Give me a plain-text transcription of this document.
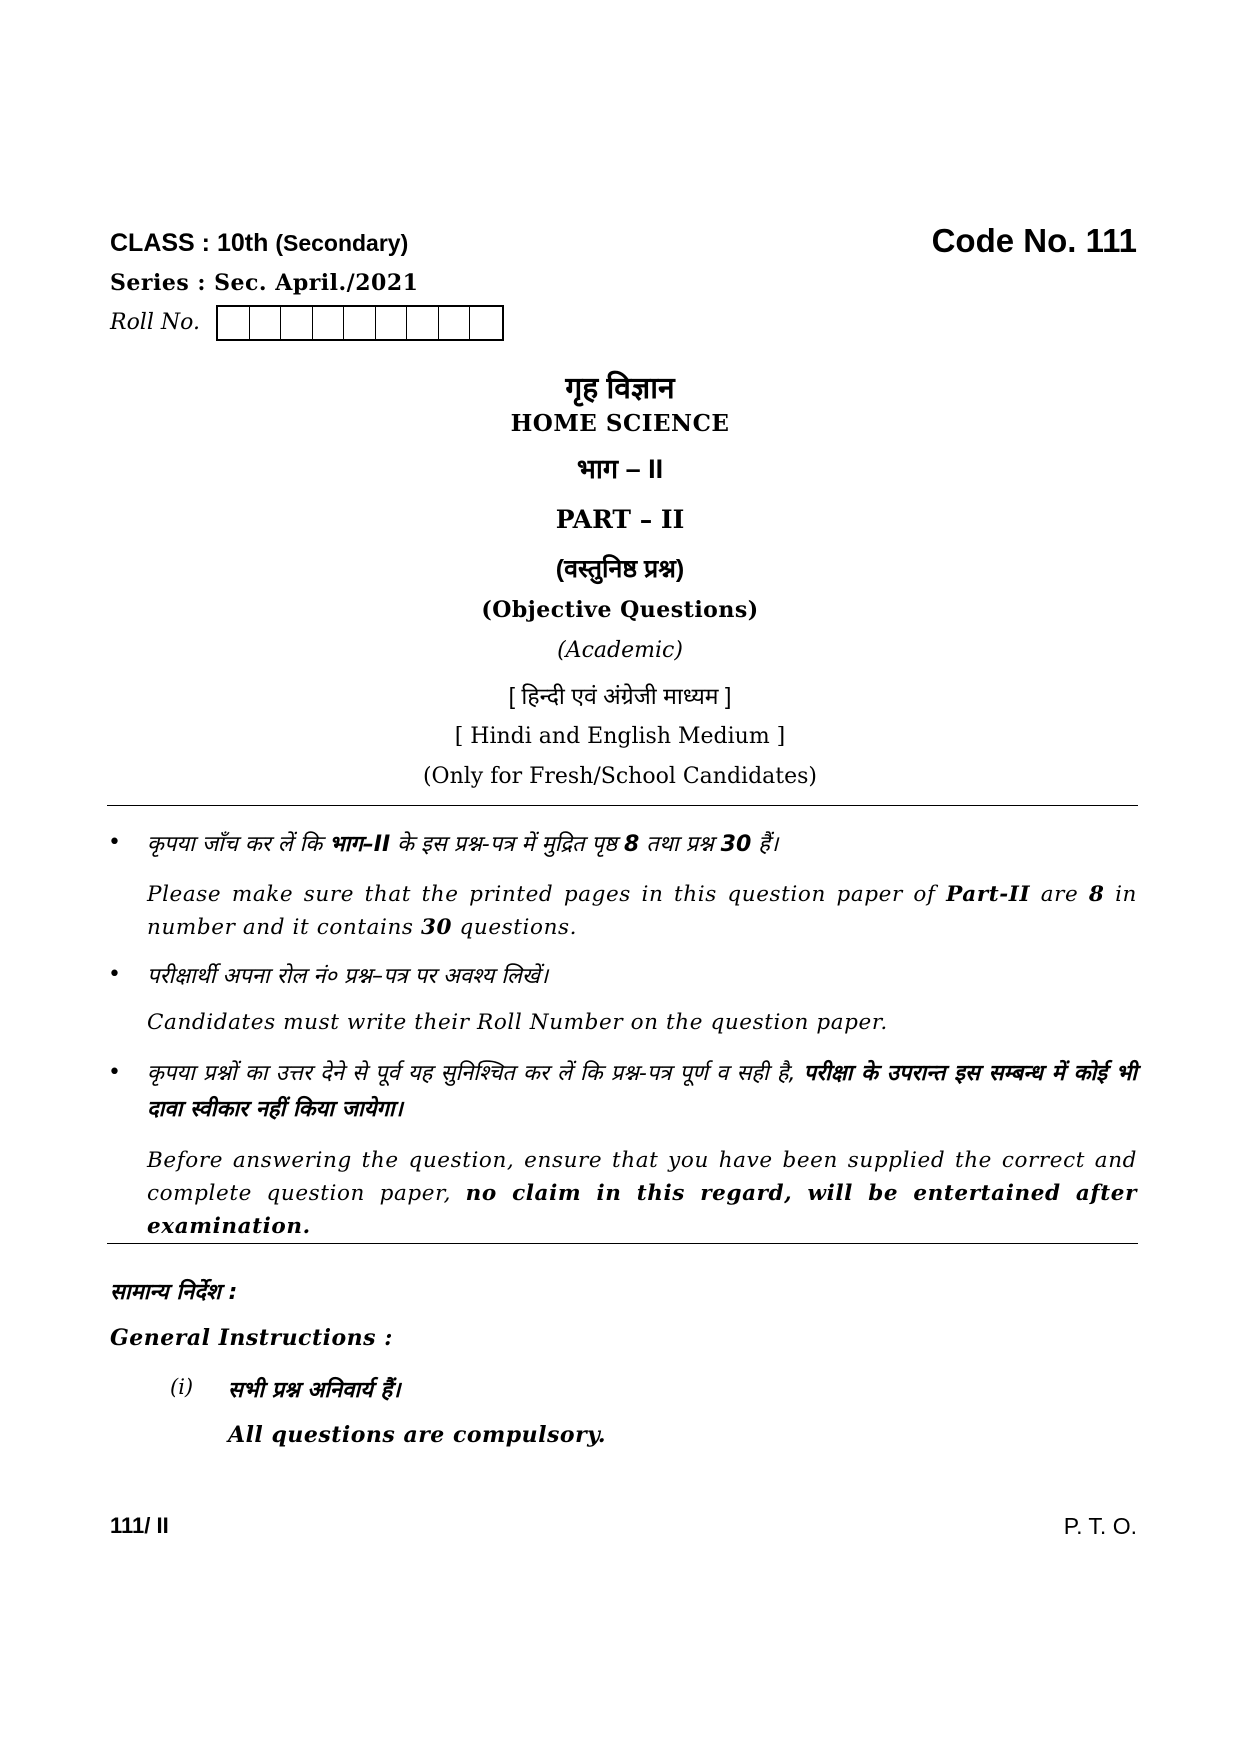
CLASS : 10th (Secondary)	Code No. 111
Series : Sec. April./2021
Roll No.
गृह विज्ञान
HOME SCIENCE
भाग – II
PART – II
(वस्तुनिष्ठ प्रश्न)
(Objective Questions)
(Academic)
[ हिन्दी एवं अंग्रेजी माध्यम ]
[ Hindi and English Medium ]
(Only for Fresh/School Candidates)
• कृपया जाँच कर लें कि भाग–II के इस प्रश्न-पत्र में मुद्रित पृष्ठ 8 तथा प्रश्न 30 हैं।
Please make sure that the printed pages in this question paper of Part-II are 8 in number and it contains 30 questions.
• परीक्षार्थी अपना रोल नं० प्रश्न–पत्र पर अवश्य लिखें।
Candidates must write their Roll Number on the question paper.
• कृपया प्रश्नों का उत्तर देने से पूर्व यह सुनिश्चित कर लें कि प्रश्न-पत्र पूर्ण व सही है, परीक्षा के उपरान्त इस सम्बन्ध में कोई भी दावा स्वीकार नहीं किया जायेगा।
Before answering the question, ensure that you have been supplied the correct and complete question paper, no claim in this regard, will be entertained after examination.
सामान्य निर्देश :
General Instructions :
(i) सभी प्रश्न अनिवार्य हैं।
All questions are compulsory.
111/ II	P. T. O.
